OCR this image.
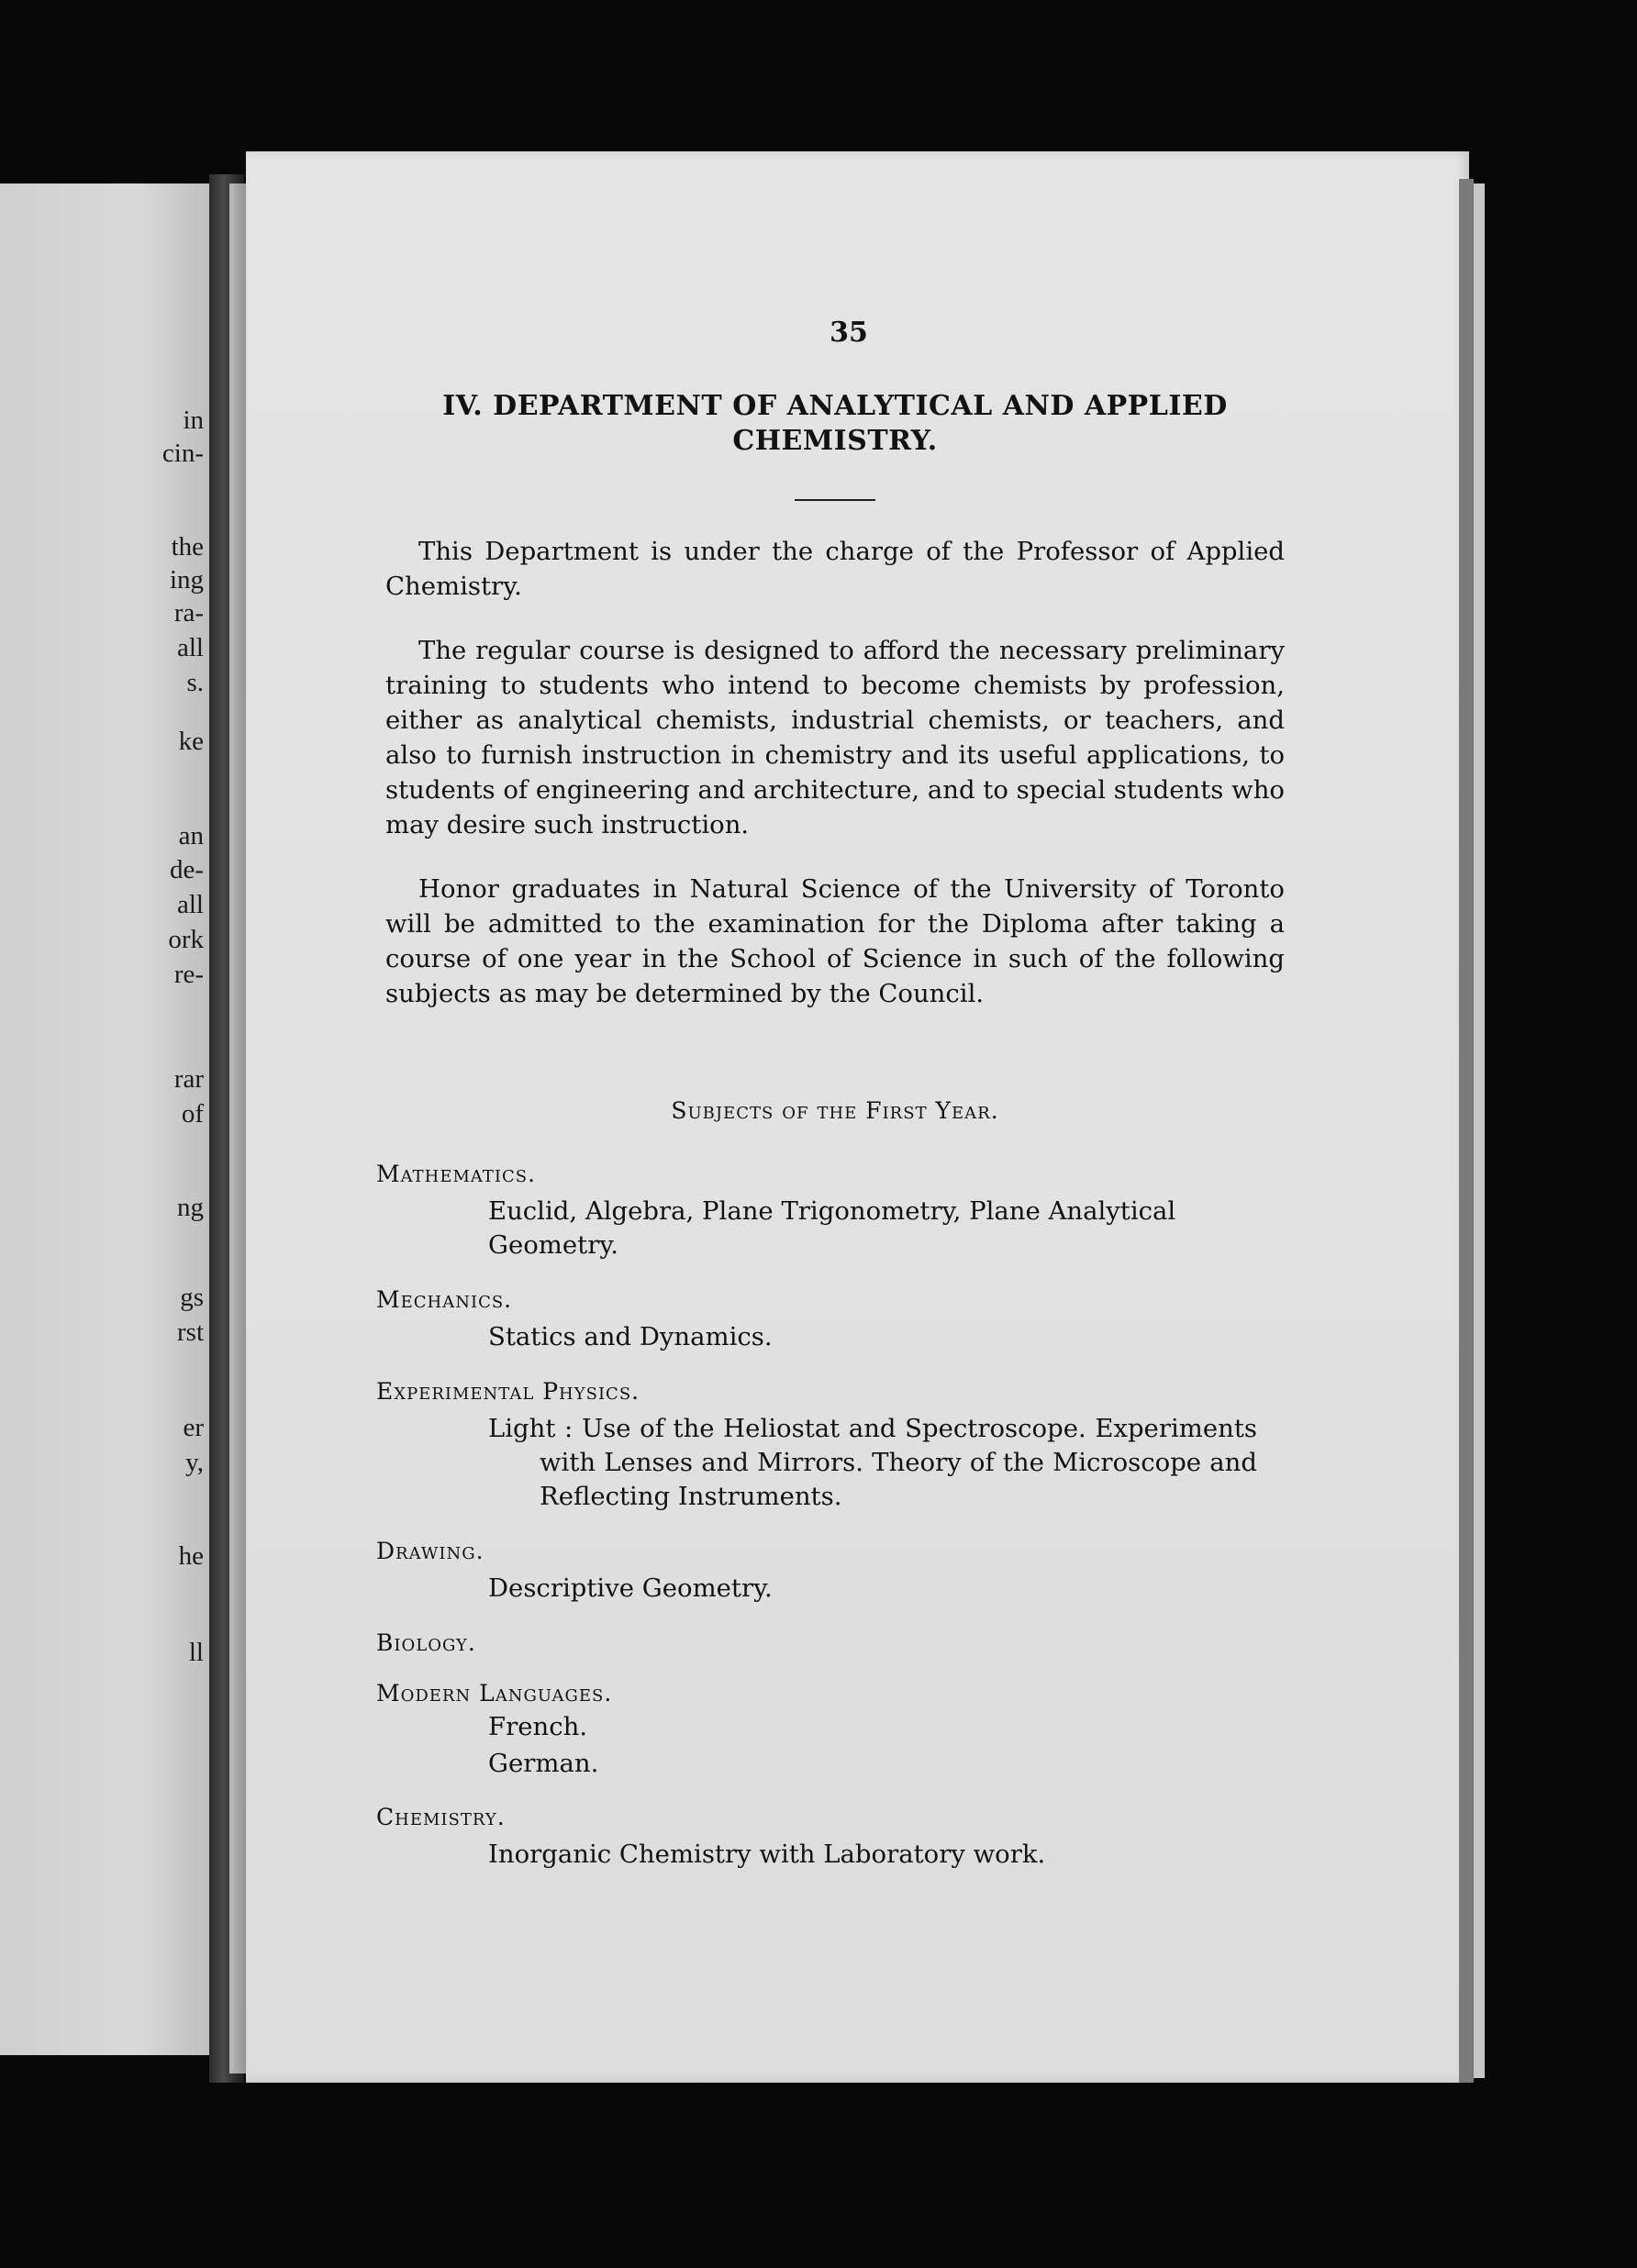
in

cin-

the

ing

ra-

all

s.

ke

an

de-

all

ork

re-

rar

of

ng

gs

rst

er

y,

he

ll

35

IV. DEPARTMENT OF ANALYTICAL AND APPLIED
CHEMISTRY.

This Department is under the charge of the Professor of Applied Chemistry.

The regular course is designed to afford the necessary preliminary training to students who intend to become chemists by profession, either as analytical chemists, industrial chemists, or teachers, and also to furnish instruction in chemistry and its useful applications, to students of engineering and architecture, and to special students who may desire such instruction.

Honor graduates in Natural Science of the University of Toronto will be admitted to the examination for the Diploma after taking a course of one year in the School of Science in such of the following subjects as may be determined by the Council.

Subjects of the First Year.

Mathematics.

Euclid, Algebra, Plane Trigonometry, Plane Analytical Geometry.

Mechanics.

Statics and Dynamics.

Experimental Physics.

Light : Use of the Heliostat and Spectroscope. Experiments with Lenses and Mirrors. Theory of the Microscope and Reflecting Instruments.

Drawing.

Descriptive Geometry.

Biology.

Modern Languages.

French.

German.

Chemistry.

Inorganic Chemistry with Laboratory work.
